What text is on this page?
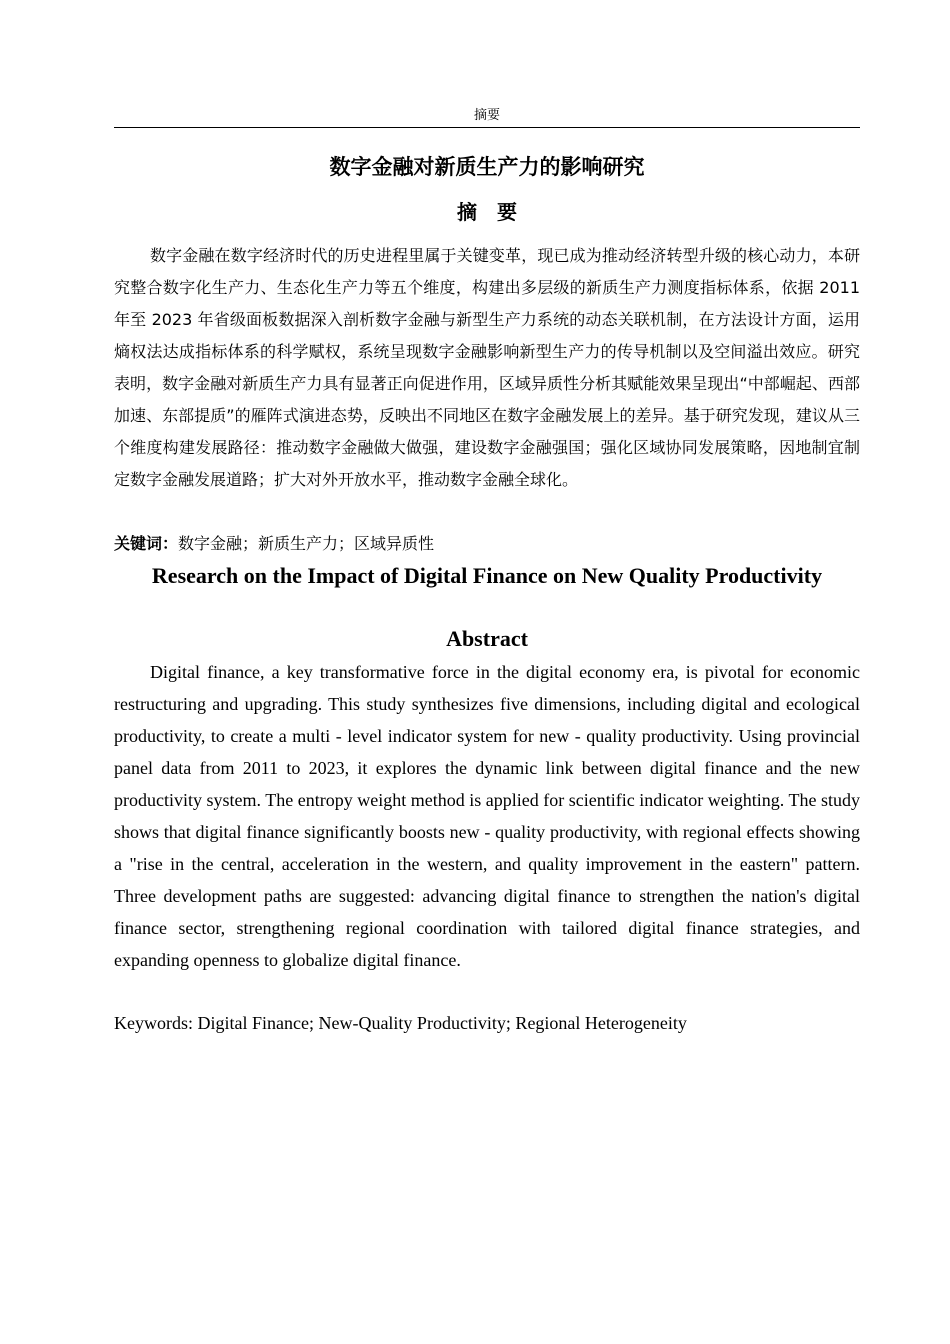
摘要
数字金融对新质生产力的影响研究
摘要

数字金融在数字经济时代的历史进程里属于关键变革，现已成为推动经济转型升级的核心动力，本研究整合数字化生产力、生态化生产力等五个维度，构建出多层级的新质生产力测度指标体系，依据 2011 年至 2023 年省级面板数据深入剖析数字金融与新型生产力系统的动态关联机制，在方法设计方面，运用熵权法达成指标体系的科学赋权，系统呈现数字金融影响新型生产力的传导机制以及空间溢出效应。研究表明，数字金融对新质生产力具有显著正向促进作用，区域异质性分析其赋能效果呈现出“中部崛起、西部加速、东部提质”的雁阵式演进态势，反映出不同地区在数字金融发展上的差异。基于研究发现，建议从三个维度构建发展路径：推动数字金融做大做强，建设数字金融强国；强化区域协同发展策略，因地制宜制定数字金融发展道路；扩大对外开放水平，推动数字金融全球化。

关键词：数字金融；新质生产力；区域异质性
Research on the Impact of Digital Finance on New Quality Productivity
Abstract

Digital finance, a key transformative force in the digital economy era, is pivotal for economic restructuring and upgrading. This study synthesizes five dimensions, including digital and ecological productivity, to create a multi - level indicator system for new - quality productivity. Using provincial panel data from 2011 to 2023, it explores the dynamic link between digital finance and the new productivity system. The entropy weight method is applied for scientific indicator weighting. The study shows that digital finance significantly boosts new - quality productivity, with regional effects showing a "rise in the central, acceleration in the western, and quality improvement in the eastern" pattern. Three development paths are suggested: advancing digital finance to strengthen the nation's digital finance sector, strengthening regional coordination with tailored digital finance strategies, and expanding openness to globalize digital finance.

Keywords: Digital Finance; New-Quality Productivity; Regional Heterogeneity
